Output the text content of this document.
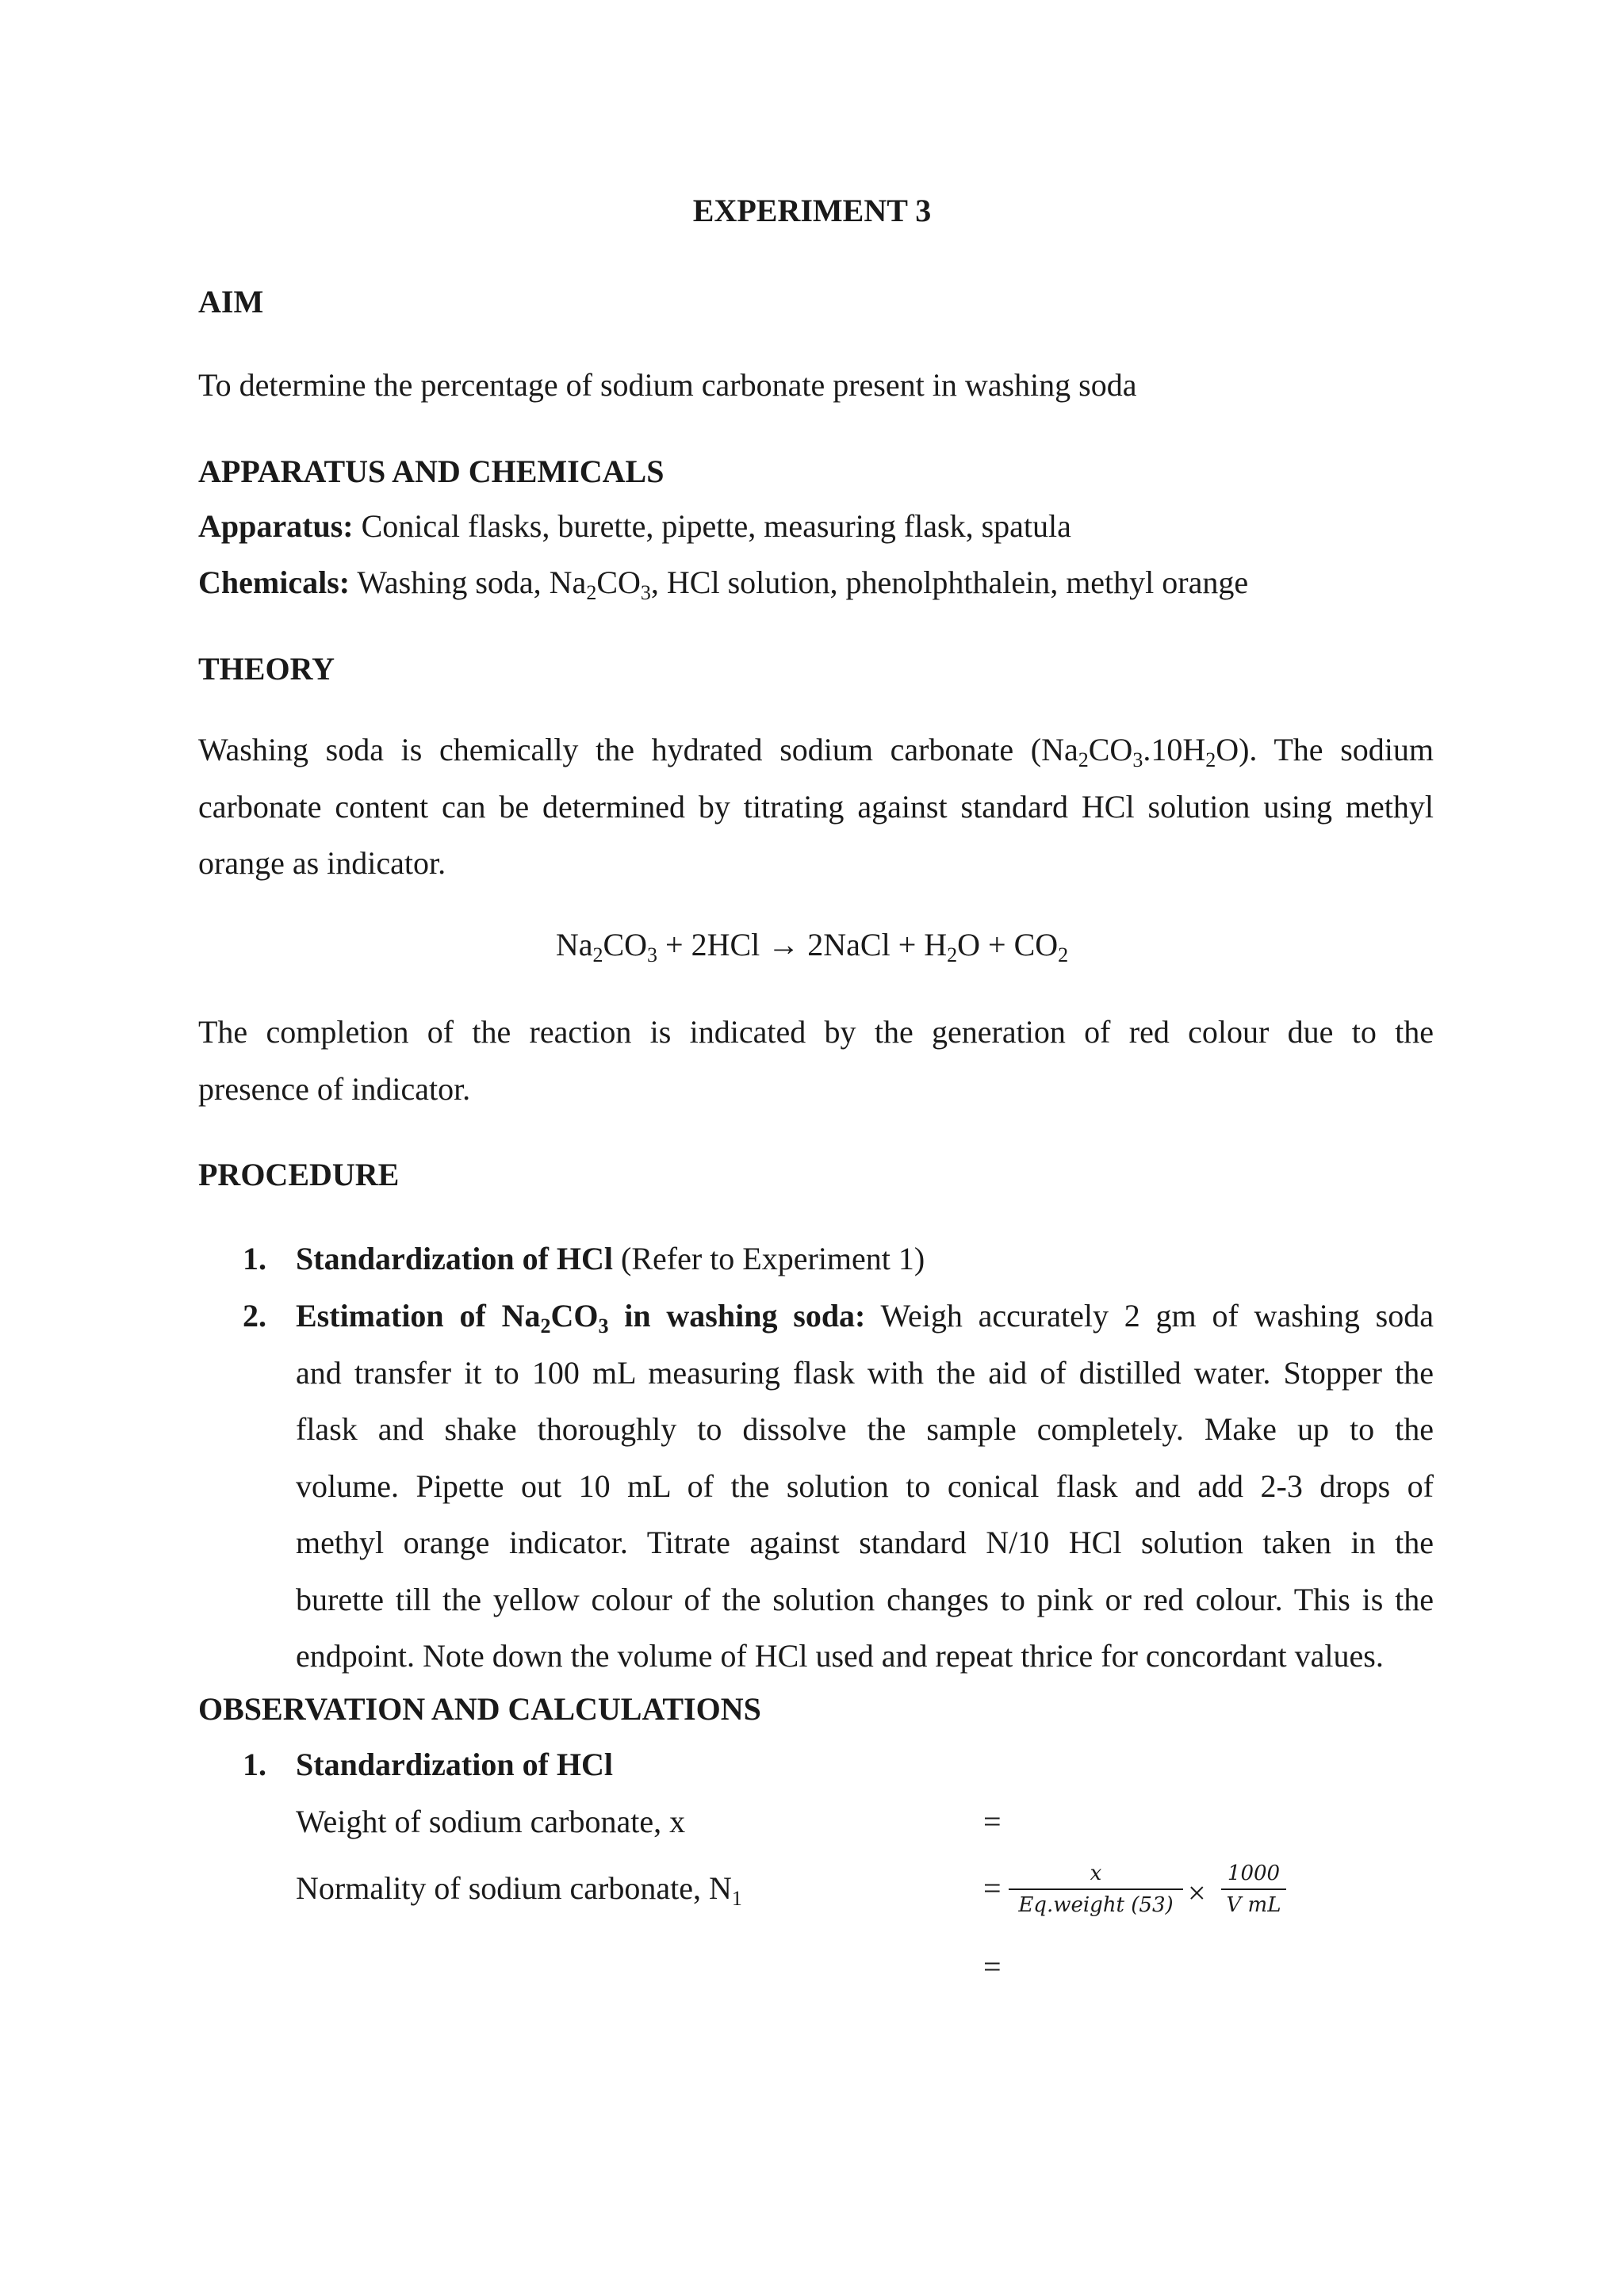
EXPERIMENT 3
AIM
To determine the percentage of sodium carbonate present in washing soda
APPARATUS AND CHEMICALS
Apparatus: Conical flasks, burette, pipette, measuring flask, spatula
Chemicals: Washing soda, $Na_2CO_3$, HCl solution, phenolphthalein, methyl orange
THEORY
Washing soda is chemically the hydrated sodium carbonate $(Na_2CO_3.10H_2O)$. The sodium
carbonate content can be determined by titrating against standard HCl solution using methyl
orange as indicator.
$Na_2CO_3 + 2HCl$ → 2NaCl + $H_2O + CO_2$
The completion of the reaction is indicated by the generation of red colour due to the
presence of indicator.
PROCEDURE
1. Standardization of HCl (Refer to Experiment 1)
2. Estimation of $Na_2CO_3$ in washing soda: Weigh accurately 2 gm of washing soda
and transfer it to 100 mL measuring flask with the aid of distilled water. Stopper the
flask and shake thoroughly to dissolve the sample completely. Make up to the
volume. Pipette out 10 mL of the solution to conical flask and add 2-3 drops of
methyl orange indicator. Titrate against standard N/10 HCl solution taken in the
burette till the yellow colour of the solution changes to pink or red colour. This is the
endpoint. Note down the volume of HCl used and repeat thrice for concordant values.
OBSERVATION AND CALCULATIONS
1. Standardization of HCl
Weight of sodium carbonate, x	=
Normality of sodium carbonate, $N_1$	=	x
Eq.weight $(53) \times \frac{1000}{\text{V mL}}$
=
